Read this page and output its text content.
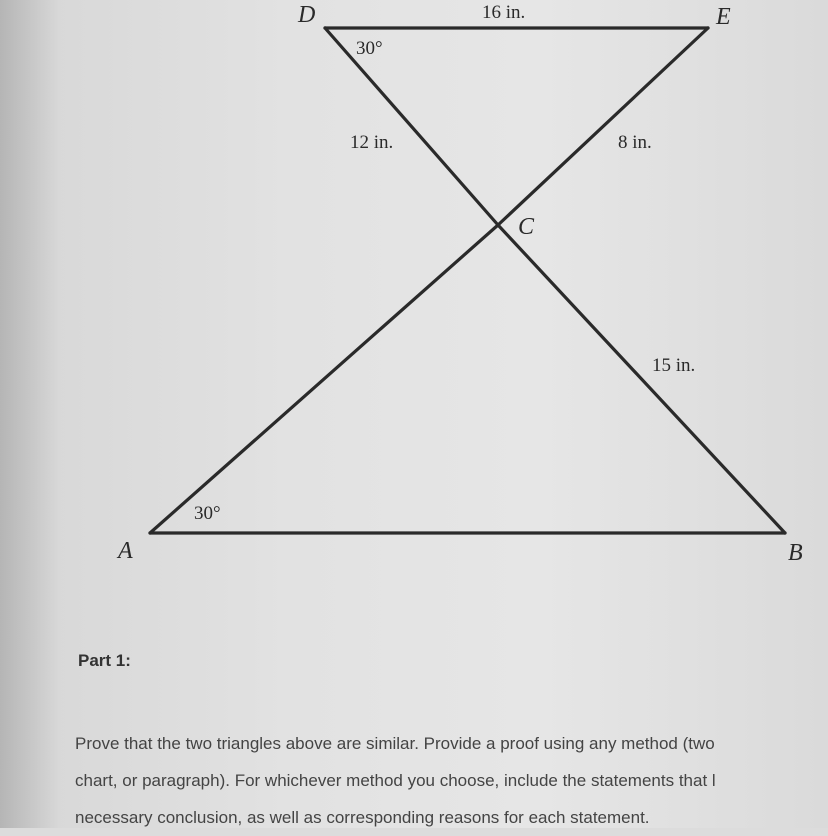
D	E
C
A	B
16 in.
12 in.	8 in.
15 in.
30°
30°
Part 1:
Prove that the two triangles above are similar. Provide a proof using any method (two
chart, or paragraph). For whichever method you choose, include the statements that l
necessary conclusion, as well as corresponding reasons for each statement.
